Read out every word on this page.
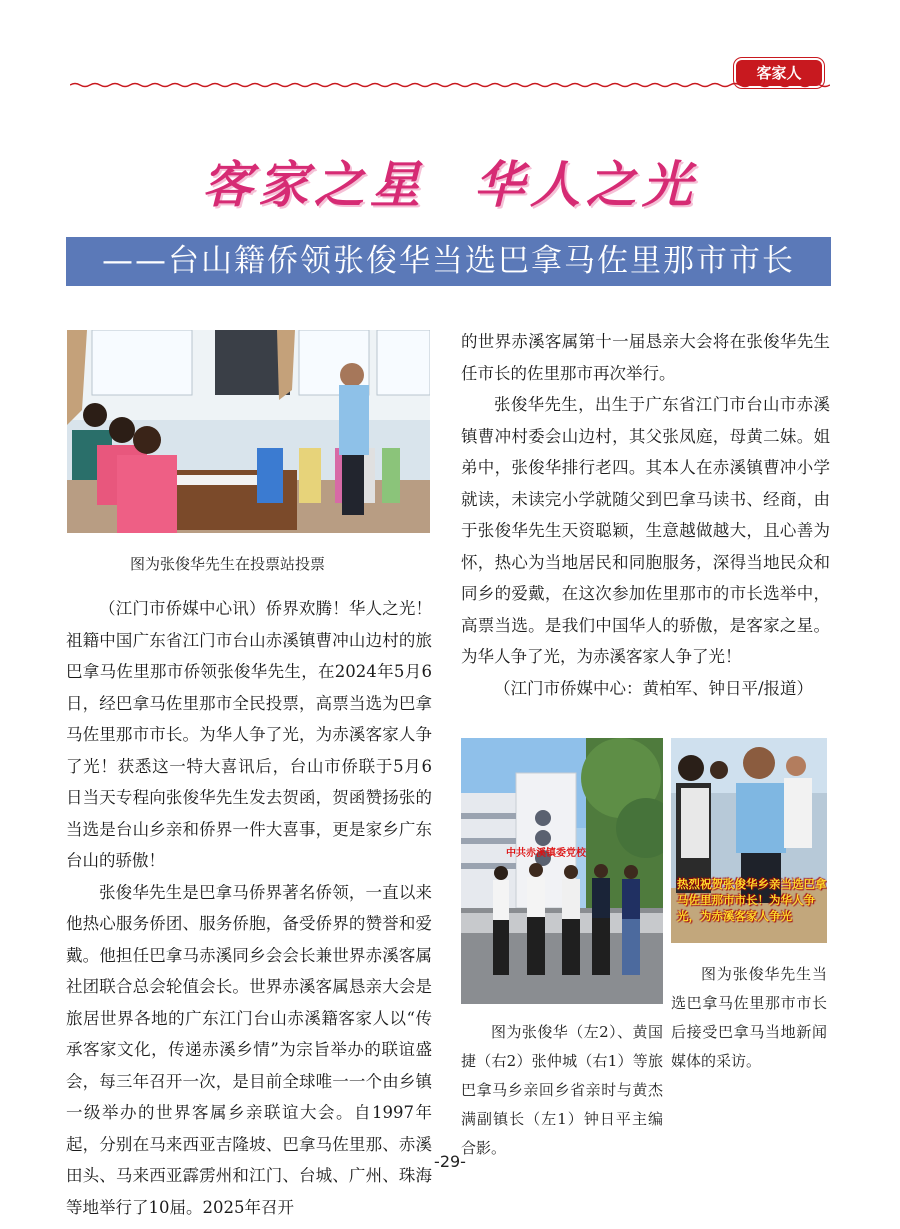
客家人
客家之星 华人之光
——台山籍侨领张俊华当选巴拿马佐里那市市长
图为张俊华先生在投票站投票

（江门市侨媒中心讯）侨界欢腾！华人之光！祖籍中国广东省江门市台山赤溪镇曹冲山边村的旅巴拿马佐里那市侨领张俊华先生，在2024年5月6日，经巴拿马佐里那市全民投票，高票当选为巴拿马佐里那市市长。为华人争了光，为赤溪客家人争了光！获悉这一特大喜讯后，台山市侨联于5月6日当天专程向张俊华先生发去贺函，贺函赞扬张的当选是台山乡亲和侨界一件大喜事，更是家乡广东台山的骄傲！

张俊华先生是巴拿马侨界著名侨领，一直以来他热心服务侨团、服务侨胞，备受侨界的赞誉和爱戴。他担任巴拿马赤溪同乡会会长兼世界赤溪客属社团联合总会轮值会长。世界赤溪客属恳亲大会是旅居世界各地的广东江门台山赤溪籍客家人以“传承客家文化，传递赤溪乡情”为宗旨举办的联谊盛会，每三年召开一次，是目前全球唯一一个由乡镇一级举办的世界客属乡亲联谊大会。自1997年起，分别在马来西亚吉隆坡、巴拿马佐里那、赤溪田头、马来西亚霹雳州和江门、台城、广州、珠海等地举行了10届。2025年召开

的世界赤溪客属第十一届恳亲大会将在张俊华先生任市长的佐里那市再次举行。

张俊华先生，出生于广东省江门市台山市赤溪镇曹冲村委会山边村，其父张凤庭，母黄二妹。姐弟中，张俊华排行老四。其本人在赤溪镇曹冲小学就读，未读完小学就随父到巴拿马读书、经商，由于张俊华先生天资聪颖，生意越做越大，且心善为怀，热心为当地居民和同胞服务，深得当地民众和同乡的爱戴，在这次参加佐里那市的市长选举中，高票当选。是我们中国华人的骄傲，是客家之星。为华人争了光，为赤溪客家人争了光！

（江门市侨媒中心：黄柏军、钟日平/报道）

中共赤溪镇委党校
图为张俊华（左2）、黄国捷（右2）张仲城（右1）等旅巴拿马乡亲回乡省亲时与黄杰满副镇长（左1）钟日平主编合影。
热烈祝贺张俊华乡亲当选巴拿马佐里那市市长！为华人争光，为赤溪客家人争光
图为张俊华先生当选巴拿马佐里那市市长后接受巴拿马当地新闻媒体的采访。
-29-
